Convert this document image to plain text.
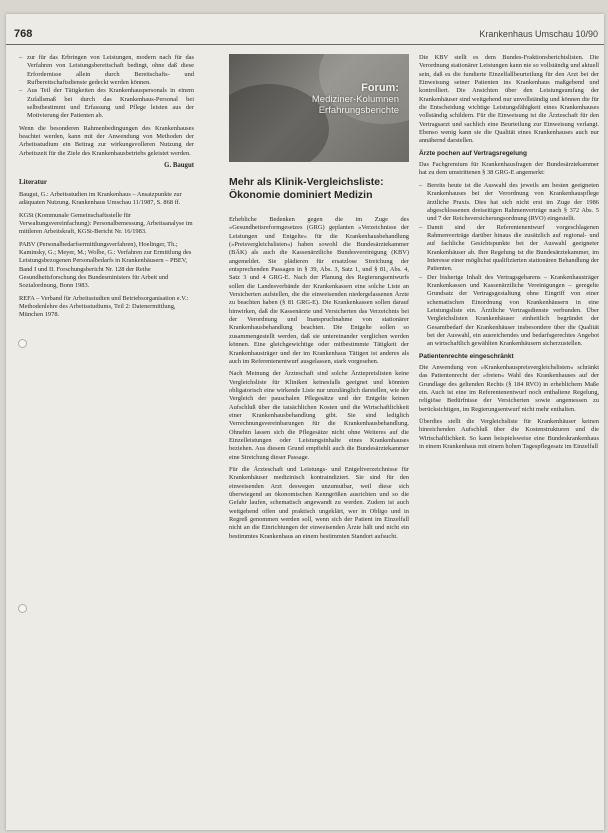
768	Krankenhaus Umschau 10/90
– zur für das Erbringen von Leistungen, modern nach für das Verfahren von Leistungsbereitschaft bedingt, ohne daß diese Erfordernisse allein durch Bereitschafts- und Rufbereitschaftsdienste gedeckt werden können.
– Aus Teil der Tätigkeiten des Krankenhauspersonals in einem Zufallsmaß bei durch das Krankenhaus-Personal bei selbstbestimmt und Erfassung und Pflege leisten aus der Motivierung der Patienten ab.

Wenn die besonderen Rahmenbedingungen des Krankenhauses beachtet werden, kann mit der Anwendung von Methoden der Arbeitsstudium ein Beitrag zur wirkungsvolleren Nutzung der Arbeitszeit für die Ziele des Krankenhausbetriebs geleistet werden.

G. Baugut

Literatur

Baugut, G.: Arbeitsstudien im Krankenhaus – Ansatzpunkte zur adäquaten Nutzung. Krankenhaus Umschau 11/1987, S. 868 ff.

KGSt (Kommunale Gemeinschaftsstelle für Verwaltungsvereinfachung): Personalbemessung, Arbeitsanalyse im mittleren Arbeitskraft, KGSt-Bericht Nr. 16/1983.

PABV (Personalbedarfsermittlungsverfahren), Hoelinger, Th.; Kaminsky, G.; Meyer, M.; Wolbe, G.: Verfahren zur Ermittlung des Leistungsbezogenen Personalbedarfs in Krankenhäusern – PBEV, Band I und II. Forschungsbericht Nr. 128 der Reihe Gesundheitsforschung des Bundesministers für Arbeit und Sozialordnung, Bonn 1983.

REFA – Verband für Arbeitsstudien und Betriebsorganisation e.V.: Methodenlehre des Arbeitsstudiums, Teil 2: Datenermittlung, München 1978.

Forum:
Mediziner-Kolumnen
Erfahrungsberichte
Mehr als Klinik-Vergleichsliste: Ökonomie dominiert Medizin

Erhebliche Bedenken gegen die im Zuge des »Gesundheitsreformgesetzes (GRG) geplanten »Verzeichnisse der Leistungen und Entgelte« für die Krankenhausbehandlung (»Preisvergleichslisten«) haben sowohl die Bundesärztekammer (BÄK) als auch die Kassenärztliche Bundesvereinigung (KBV) angemeldet. Sie plädieren für ersatzlose Streichung der entsprechenden Passagen in § 39, Abs. 3, Satz 1, und § 81, Abs. 4, Satz 3 und 4 GRG-E. Nach der Planung des Regierungsentwurfs sollen die Landesverbände der Krankenkassen eine solche Liste an Versicherten aufstellen, die die einweisenden niedergelassenen Ärzte zu beachten haben (§ 81 GRG-E). Die Krankenkassen sollen darauf hinwirken, daß die Kassenärzte und Versicherten das Verzeichnis bei der Verordnung und Inanspruchnahme von stationärer Krankenhausbehandlung beachten. Die Entgelte sollen so zusammengestellt werden, daß sie untereinander verglichen werden können. Eine gleichgewichtige oder mitbestimmte Tätigkeit der Krankenhausträger und der im Krankenhaus Tätigen ist anderes als auch im Referentenentwurf ausgelassen, stark vorgesehen.

Nach Meinung der Ärzteschaft sind solche Ärztepreislisten keine Vergleichsliste für Kliniken keinesfalls geeignet und könnten obligatorisch eine wirkende Liste nur unzulänglich darstellen, wie der Vergleich der pauschalen Pflegesätze und der Entgelte keinen Aufschluß über die tatsächlichen Kosten und die Wirtschaftlichkeit einer Krankenhausbehandlung gibt. Sie sind lediglich Verrechnungsvereinbarungen für die Krankenhausbehandlung. Ohnehin lassen sich die Pflegesätze nicht ohne Weiteres auf die Einzelleistungen oder Leistungsinhalte eines Krankenhauses beziehen. Aus diesem Grund empfiehlt auch die Bundesärztekammer eine Streichung dieser Passage.

Für die Ärzteschaft und Leistungs- und Entgeltverzeichnisse für Krankenhäuser medizinisch kontraindiziert. Sie sind für den einweisenden Arzt deswegen unzumutbar, weil diese sich überwiegend an ökonomischen Kenngrößen ausrichten und so die Gefahr laufen, schematisch angewandt zu werden. Zudem ist auch weitgehend offen und praktisch ungeklärt, wer in Obligo und in Regreß genommen werden soll, wenn sich der Patient im Einzelfall nicht an die Einrichtungen der einweisenden Ärzte hält und nicht ein bestimmtes Krankenhaus an einem bestimmten Standort aufsucht.

Die KBV stellt es dem Bundes-Fraktionsberichtslisten. Die Verordnung stationärer Leistungen kann nie so vollständig und aktuell sein, daß es die fundierte Einzelfallbeurteilung für den Arzt bei der Einweisung seiner Patienten ins Krankenhaus maßgebend und kontrolliert. Die Ansichten über den Leistungsumfang der Krankenhäuser sind weitgehend nur unvollständig und können die für die Entscheidung wichtige Leistungsfähigkeit eines Krankenhauses vollständig schildern. Für die Einweisung ist die Ärzteschaft für den Vertragsarzt und sachlich eine Beurteilung zur Einweisung verlangt. Ebenso wenig kann sie die Qualität eines Krankenhauses auch nur annähernd darstellen.

Ärzte pochen auf Vertragsregelung

Das Fachgremium für Krankenhausfragen der Bundesärztekammer hat zu dem umstrittenen § 38 GRG-E angemerkt:

– Bereits heute ist die Auswahl des jeweils am besten geeigneten Krankenhauses bei der Verordnung von Krankenhauspflege ärztliche Praxis. Dies hat sich nicht erst im Zuge der 1986 abgeschlossenen dreiseitigen Rahmenverträge nach § 372 Abs. 5 und 7 der Reichsversicherungsordnung (RVO) eingestellt.
– Damit sind der Referentenentwurf vorgeschlagenen Rahmenverträge darüber hinaus die zusätzlich auf regional- und auf fachliche Gesichtspunkte bei der Auswahl geeigneter Krankenhäuser ab. Ihre Regelung ist die Bundesärztekammer, im Interesse einer möglichst qualifizierten stationären Behandlung der Patienten.
– Der bisherige Inhalt des Vertragsgebarens – Krankenhausträger Krankenkassen und Kassenärztliche Vereinigungen – geregelte Grundsatz der Vertragsgestaltung ohne Eingriff von einer schematischen Einordnung von Krankenhäusern in eine Leistungsliste ein. Ärztliche Vertragsdienste verbunden. Über Vergleichslisten Krankenhäuser einheitlich begründet der Gesamtbedarf der Krankenhäuser insbesondere über die Qualität bei der Auswahl, ein ausreichendes und bedarfsgerechtes Angebot an wirtschaftlich gewählten Krankenhäusern sicherzustellen.
Patientenrechte eingeschränkt

Die Anwendung von »Krankenhauspreisvergleichslisten« schränkt das Patientenrecht der »freien« Wahl des Krankenhauses auf der Grundlage des geltenden Rechts (§ 184 RVO) in erheblichem Maße ein. Auch ist eine im Referentenentwurf noch enthaltene Regelung, religiöse Bedürfnisse der Versicherten sowie angemessen zu berücksichtigen, im Regierungsentwurf nicht mehr enthalten.

Überdies stellt die Vergleichsliste für Krankenhäuser keinen hinreichenden Aufschluß über die Kostenstrukturen und die Wirtschaftlichkeit. So kann beispielsweise eine Bundeskrankenhaus in einem Krankenhaus mit einem hohen Tagespflegesatz im Einzelfall
